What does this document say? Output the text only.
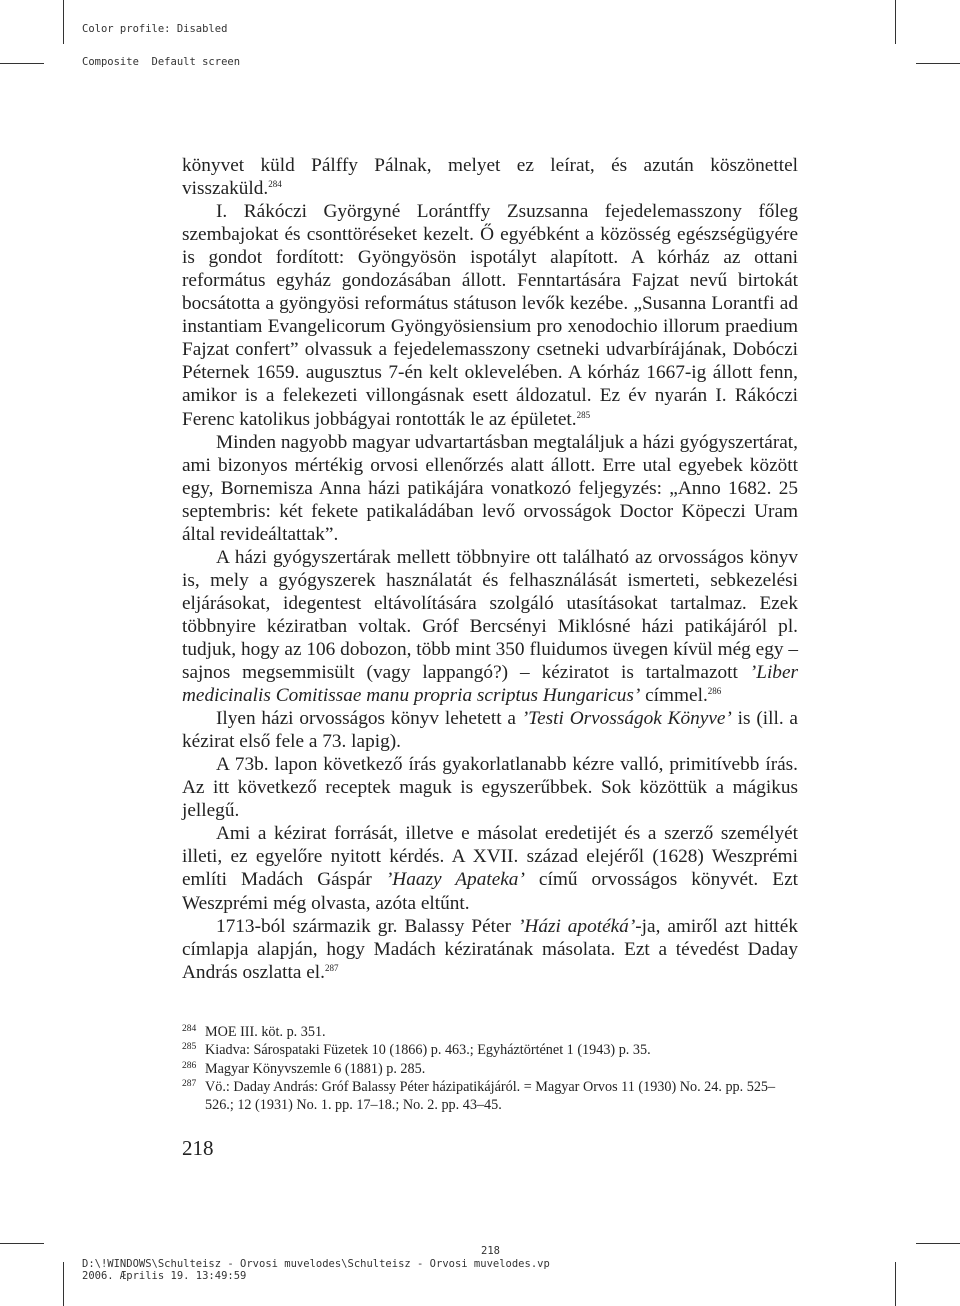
Color profile: Disabled

Composite  Default screen

könyvet küld Pálffy Pálnak, melyet ez leírat, és azután köszönettel visszaküld.$^{284}$

I. Rákóczi Györgyné Lorántffy Zsuzsanna fejedelemasszony főleg szembajokat és csonttöréseket kezelt. Ő egyébként a közösség egészségügyére is gondot fordított: Gyöngyösön ispotályt alapított. A kórház az ottani református egyház gondozásában állott. Fenntartására Fajzat nevű birtokát bocsátotta a gyöngyösi református státuson levők kezébe. „Susanna Lorantfi ad instantiam Evangelicorum Gyöngyösiensium pro xenodochio illorum praedium Fajzat confert” olvassuk a fejedelemasszony csetneki udvarbírájának, Dobóczi Péternek 1659. augusztus 7-én kelt oklevelében. A kórház 1667-ig állott fenn, amikor is a felekezeti villongásnak esett áldozatul. Ez év nyarán I. Rákóczi Ferenc katolikus jobbágyai rontották le az épületet.$^{285}$

Minden nagyobb magyar udvartartásban megtaláljuk a házi gyógyszertárat, ami bizonyos mértékig orvosi ellenőrzés alatt állott. Erre utal egyebek között egy, Bornemisza Anna házi patikájára vonatkozó feljegyzés: „Anno 1682. 25 septembris: két fekete patikaládában levő orvosságok Doctor Köpeczi Uram által revideáltattak”.

A házi gyógyszertárak mellett többnyire ott található az orvosságos könyv is, mely a gyógyszerek használatát és felhasználását ismerteti, sebkezelési eljárásokat, idegentest eltávolítására szolgáló utasításokat tartalmaz. Ezek többnyire kéziratban voltak. Gróf Bercsényi Miklósné házi patikájáról pl. tudjuk, hogy az 106 dobozon, több mint 350 fluidumos üvegen kívül még egy – sajnos megsemmisült (vagy lappangó?) – kéziratot is tartalmazott ’Liber medicinalis Comitissae manu propria scriptus Hungaricus’ címmel.$^{286}$

Ilyen házi orvosságos könyv lehetett a ’Testi Orvosságok Könyve’ is (ill. a kézirat első fele a 73. lapig).

A 73b. lapon következő írás gyakorlatlanabb kézre valló, primitívebb írás. Az itt következő receptek maguk is egyszerűbbek. Sok közöttük a mágikus jellegű.

Ami a kézirat forrását, illetve e másolat eredetijét és a szerző személyét illeti, ez egyelőre nyitott kérdés. A XVII. század elejéről (1628) Weszprémi említi Madách Gáspár ’Haazy Apateka’ című orvosságos könyvét. Ezt Weszprémi még olvasta, azóta eltűnt.

1713-ból származik gr. Balassy Péter ’Házi apotéká’-ja, amiről azt hitték címlapja alapján, hogy Madách kéziratának másolata. Ezt a tévedést Daday András oszlatta el.$^{287}$

284 MOE III. köt. p. 351.
285 Kiadva: Sárospataki Füzetek 10 (1866) p. 463.; Egyháztörténet 1 (1943) p. 35.
286 Magyar Könyvszemle 6 (1881) p. 285.
287 Vö.: Daday András: Gróf Balassy Péter házipatikájáról. = Magyar Orvos 11 (1930) No. 24. pp. 525–526.; 12 (1931) No. 1. pp. 17–18.; No. 2. pp. 43–45.
218
218
D:\!WINDOWS\Schulteisz - Orvosi muvelodes\Schulteisz - Orvosi muvelodes.vp
2006. Æprilis 19. 13:49:59
